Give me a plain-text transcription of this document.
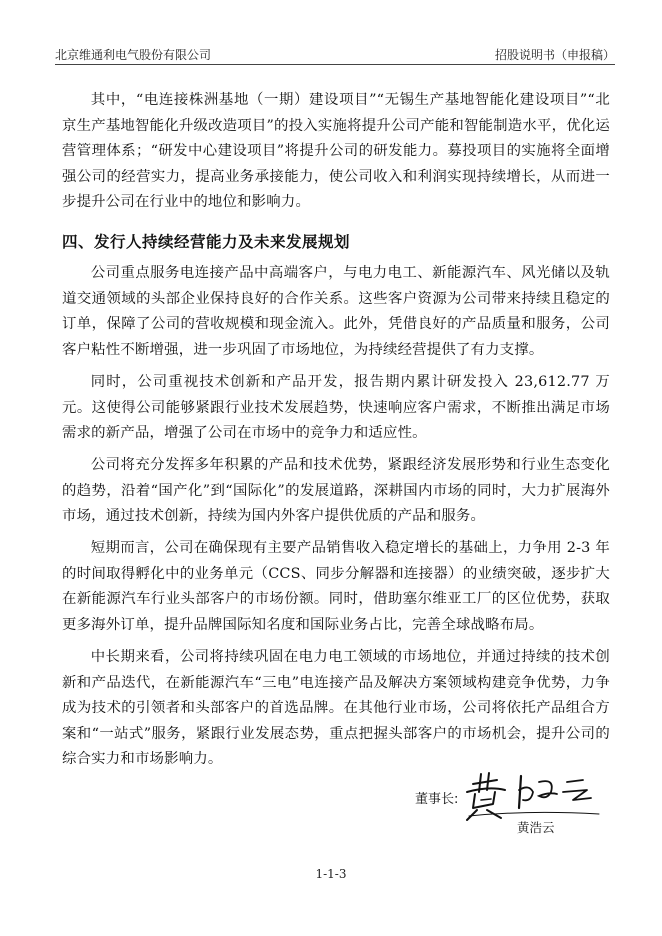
北京维通利电气股份有限公司	招股说明书（申报稿）

其中，“电连接株洲基地（一期）建设项目”“无锡生产基地智能化建设项目”“北京生产基地智能化升级改造项目”的投入实施将提升公司产能和智能制造水平，优化运营管理体系；“研发中心建设项目”将提升公司的研发能力。募投项目的实施将全面增强公司的经营实力，提高业务承接能力，使公司收入和利润实现持续增长，从而进一步提升公司在行业中的地位和影响力。

四、发行人持续经营能力及未来发展规划

公司重点服务电连接产品中高端客户，与电力电工、新能源汽车、风光储以及轨道交通领域的头部企业保持良好的合作关系。这些客户资源为公司带来持续且稳定的订单，保障了公司的营收规模和现金流入。此外，凭借良好的产品质量和服务，公司客户粘性不断增强，进一步巩固了市场地位，为持续经营提供了有力支撑。

同时，公司重视技术创新和产品开发，报告期内累计研发投入 23,612.77 万元。这使得公司能够紧跟行业技术发展趋势，快速响应客户需求，不断推出满足市场需求的新产品，增强了公司在市场中的竞争力和适应性。

公司将充分发挥多年积累的产品和技术优势，紧跟经济发展形势和行业生态变化的趋势，沿着“国产化”到“国际化”的发展道路，深耕国内市场的同时，大力扩展海外市场，通过技术创新，持续为国内外客户提供优质的产品和服务。

短期而言，公司在确保现有主要产品销售收入稳定增长的基础上，力争用 2-3 年的时间取得孵化中的业务单元（CCS、同步分解器和连接器）的业绩突破，逐步扩大在新能源汽车行业头部客户的市场份额。同时，借助塞尔维亚工厂的区位优势，获取更多海外订单，提升品牌国际知名度和国际业务占比，完善全球战略布局。

中长期来看，公司将持续巩固在电力电工领域的市场地位，并通过持续的技术创新和产品迭代，在新能源汽车“三电”电连接产品及解决方案领域构建竞争优势，力争成为技术的引领者和头部客户的首选品牌。在其他行业市场，公司将依托产品组合方案和“一站式”服务，紧跟行业发展态势，重点把握头部客户的市场机会，提升公司的综合实力和市场影响力。

董事长:
黄浩云
1-1-3
